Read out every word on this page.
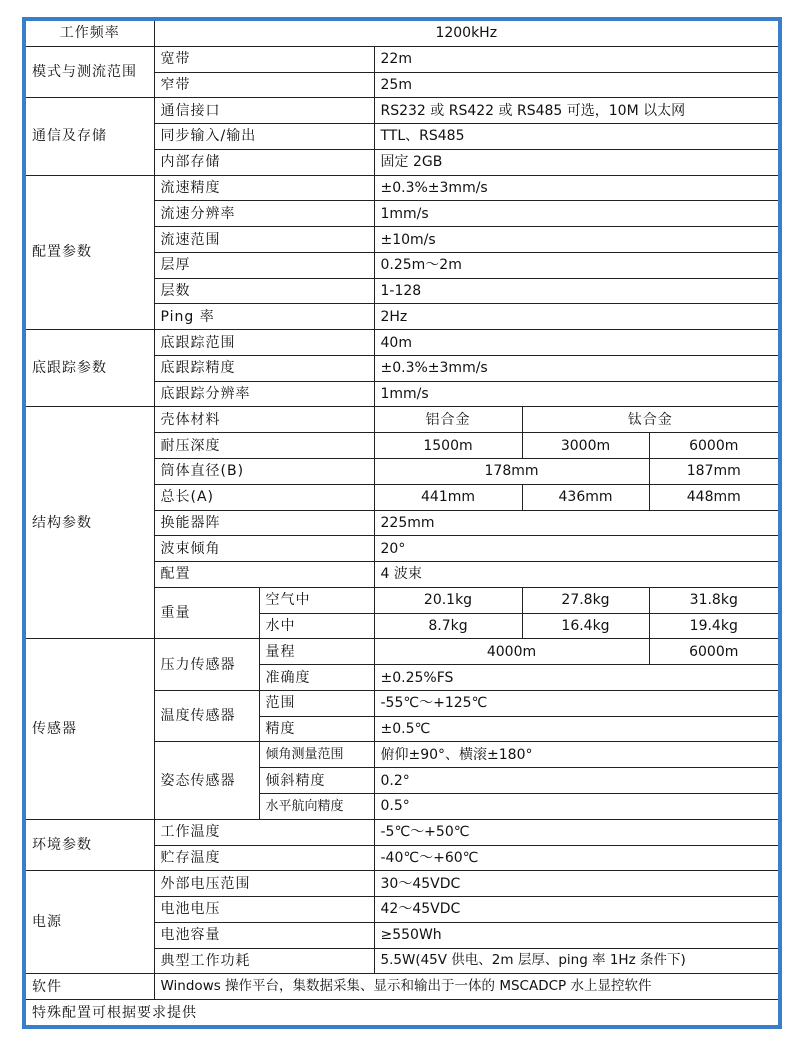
工作频率	1200kHz				
模式与测流范围	宽带		22m		
	窄带		25m		
通信及存储	通信接口		RS232 或 RS422 或 RS485 可选，10M 以太网		
	同步输入/输出		TTL、RS485		
	内部存储		固定 2GB		
配置参数	流速精度		±0.3%±3mm/s		
	流速分辨率		1mm/s		
	流速范围		±10m/s		
	层厚		0.25m～2m		
	层数		1-128		
	Ping 率		2Hz		
底跟踪参数	底跟踪范围		40m		
	底跟踪精度		±0.3%±3mm/s		
	底跟踪分辨率		1mm/s		
结构参数	壳体材料		铝合金	钛合金	
	耐压深度		1500m	3000m	6000m
	筒体直径(B)		178mm		187mm
	总长(A)		441mm	436mm	448mm
	换能器阵		225mm		
	波束倾角		20°		
	配置		4 波束		
	重量	空气中	20.1kg	27.8kg	31.8kg
		水中	8.7kg	16.4kg	19.4kg
传感器	压力传感器	量程	4000m		6000m
		准确度	±0.25%FS		
	温度传感器	范围	-55℃～+125℃		
		精度	±0.5℃		
	姿态传感器	倾角测量范围	俯仰±90°、横滚±180°		
		倾斜精度	0.2°		
		水平航向精度	0.5°		
环境参数	工作温度		-5℃～+50℃		
	贮存温度		-40℃～+60℃		
电源	外部电压范围		30～45VDC		
	电池电压		42～45VDC		
	电池容量		≥550Wh		
	典型工作功耗		5.5W(45V 供电、2m 层厚、ping 率 1Hz 条件下)		
软件	Windows 操作平台，集数据采集、显示和输出于一体的 MSCADCP 水上显控软件				
特殊配置可根据要求提供					
